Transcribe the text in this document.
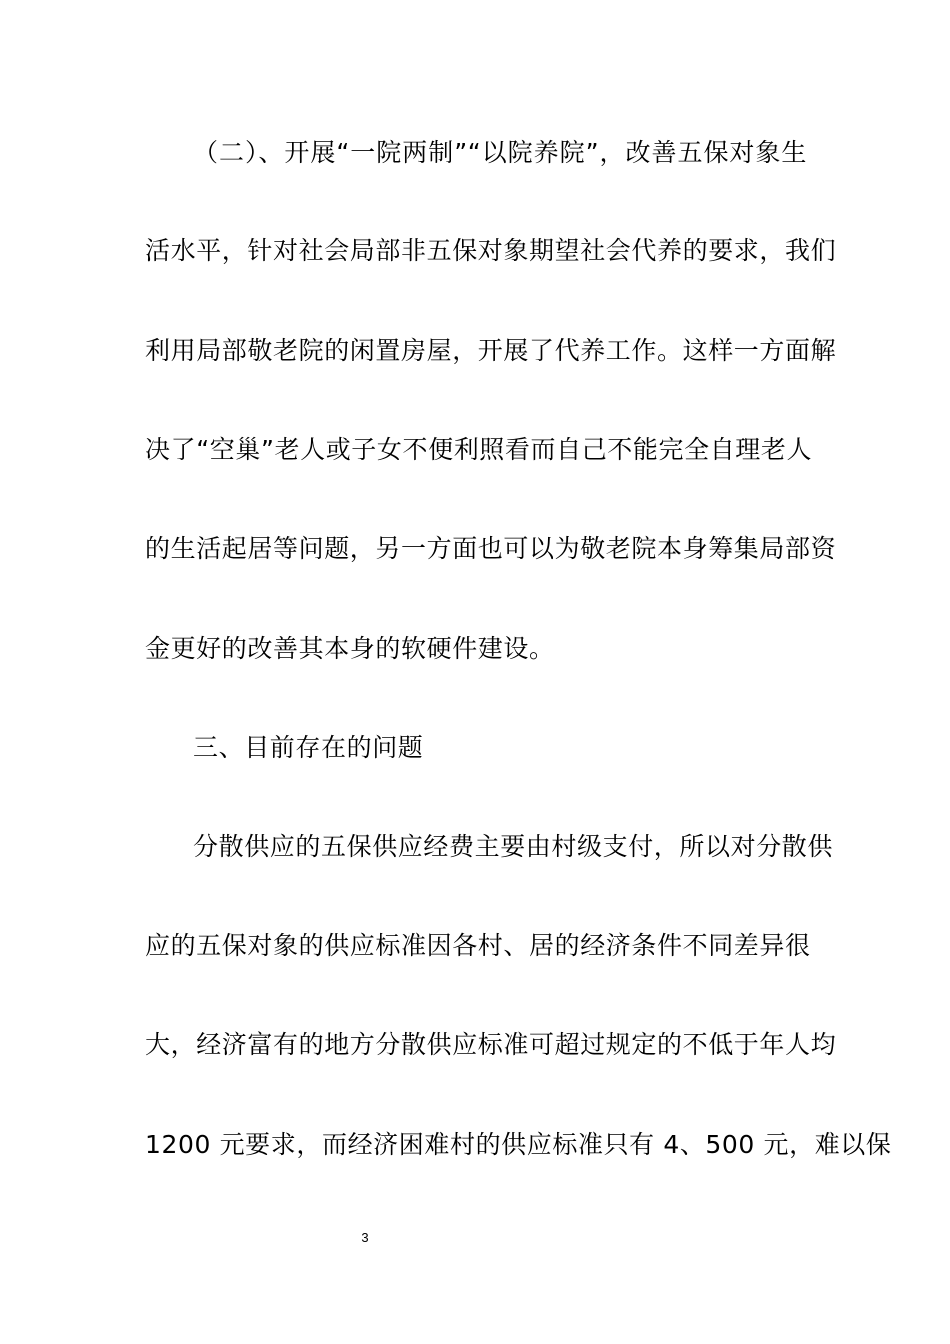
（二）、开展“一院两制”“以院养院”，改善五保对象生
活水平，针对社会局部非五保对象期望社会代养的要求，我们
利用局部敬老院的闲置房屋，开展了代养工作。这样一方面解
决了“空巢”老人或子女不便利照看而自己不能完全自理老人
的生活起居等问题，另一方面也可以为敬老院本身筹集局部资
金更好的改善其本身的软硬件建设。
三、目前存在的问题
分散供应的五保供应经费主要由村级支付，所以对分散供
应的五保对象的供应标准因各村、居的经济条件不同差异很
大，经济富有的地方分散供应标准可超过规定的不低于年人均
1200 元要求，而经济困难村的供应标准只有 4、500 元，难以保
3
